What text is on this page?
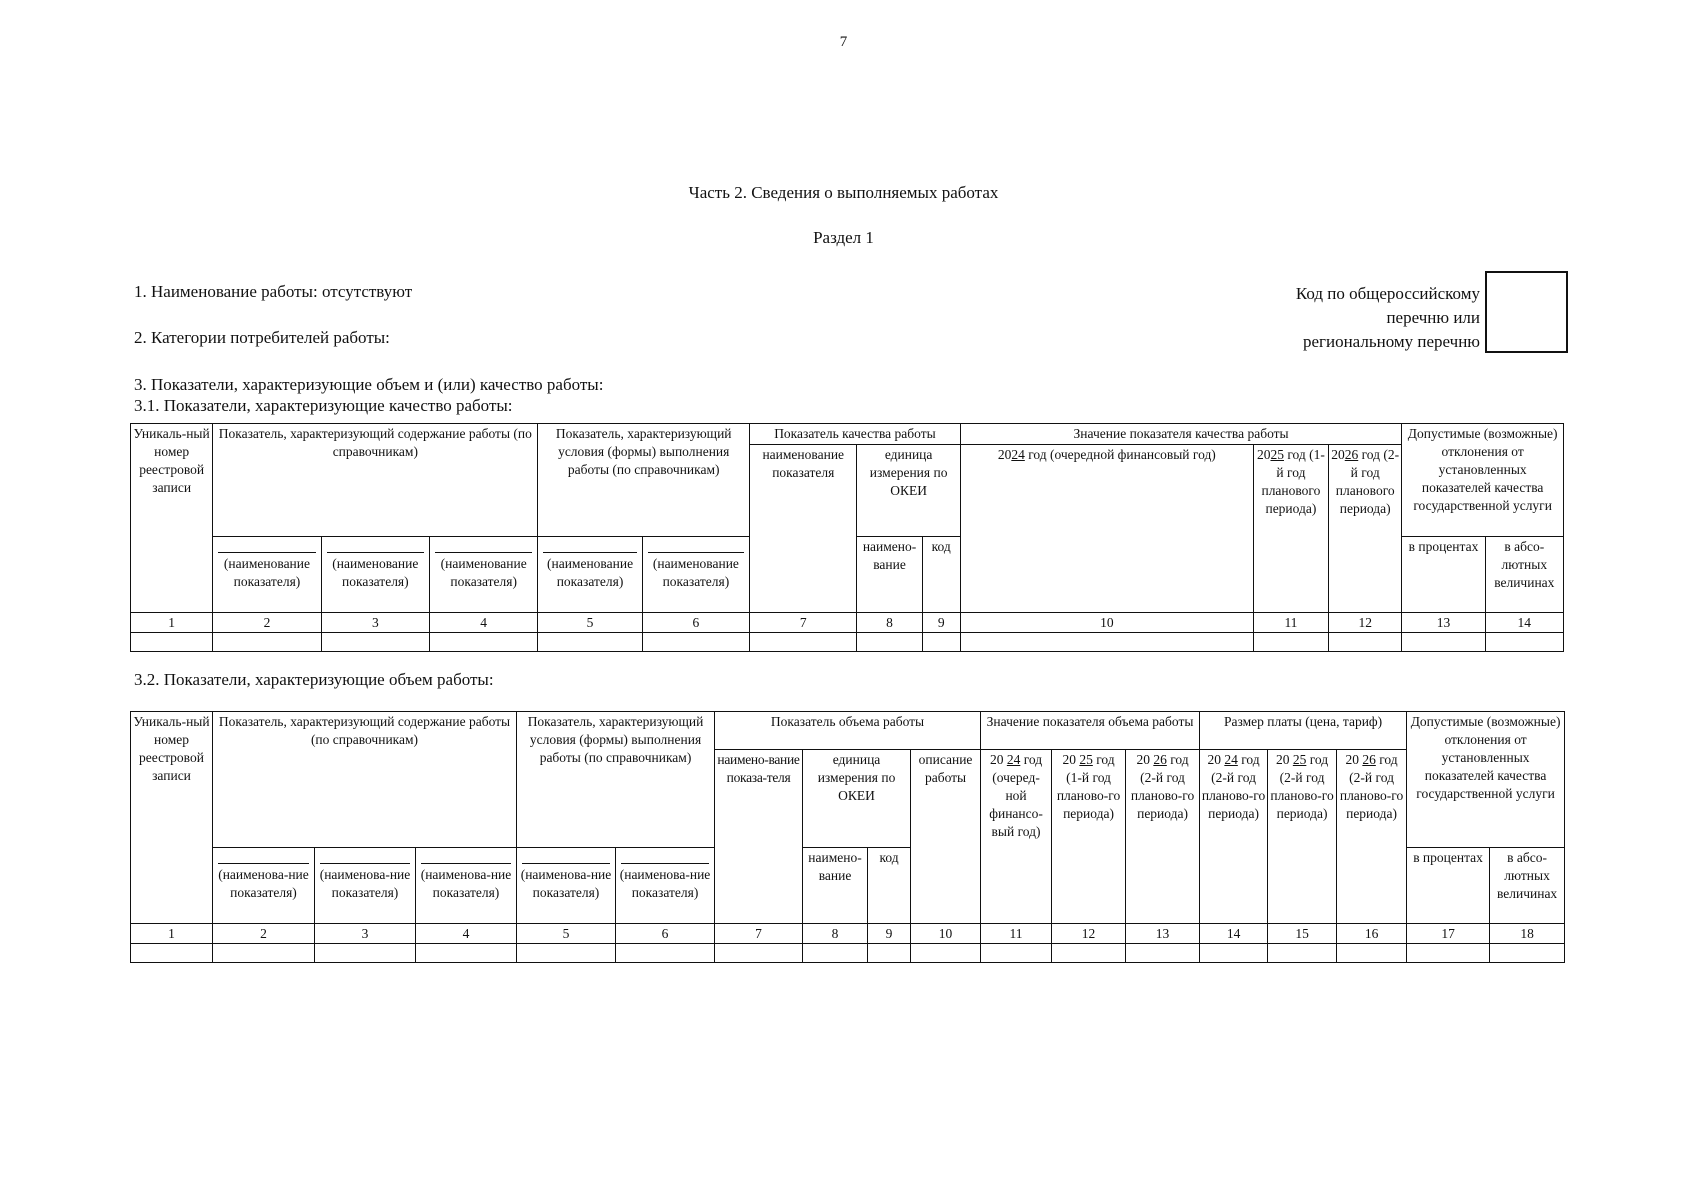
7
Часть 2. Сведения о выполняемых работах
Раздел 1
1. Наименование работы: отсутствуют
2. Категории потребителей работы:
Код по общероссийскому
перечню или
региональному перечню
3. Показатели, характеризующие объем и (или) качество работы:
3.1. Показатели, характеризующие качество работы:
Уникаль-ный номер реестровой записи	Показатель, характеризующий содержание работы (по справочникам)			Показатель, характеризующий условия (формы) выполнения работы (по справочникам)		Показатель качества работы			Значение показателя качества работы			Допустимые (возможные) отклонения от установленных показателей качества государственной услуги	
						наименование показателя	единица измерения по ОКЕИ		2024 год (очередной финансовый год)	2025 год (1-й год планового периода)	2026 год (2-й год планового периода)		

(наименование показателя)	(наименование показателя)	(наименование показателя)	(наименование показателя)	(наименование показателя)		наимено-вание	код				в процентах	в абсо-лютных величинах
1	2	3	4	5	6	7	8	9	10	11	12	13	14

3.2. Показатели, характеризующие объем работы:
Уникаль-ный номер реестровой записи	Показатель, характеризующий содержание работы (по справочникам)			Показатель, характеризующий условия (формы) выполнения работы (по справочникам)		Показатель объема работы				Значение показателя объема работы			Размер платы (цена, тариф)			Допустимые (возможные) отклонения от установленных показателей качества государственной услуги	
						наимено-вание показа-теля	единица измерения по ОКЕИ		описание работы	20 24 год (очеред-ной финансо-вый год)	20 25 год (1-й год планово-го периода)	20 26 год (2-й год планово-го периода)	20 24 год (2-й год планово-го периода)	20 25 год (2-й год планово-го периода)	20 26 год (2-й год планово-го периода)		

(наименова-ние показателя)	(наименова-ние показателя)	(наименова-ние показателя)	(наименова-ние показателя)	(наименова-ние показателя)		наимено-вание	код								в процентах	в абсо-лютных величинах
1	2	3	4	5	6	7	8	9	10	11	12	13	14	15	16	17	18
